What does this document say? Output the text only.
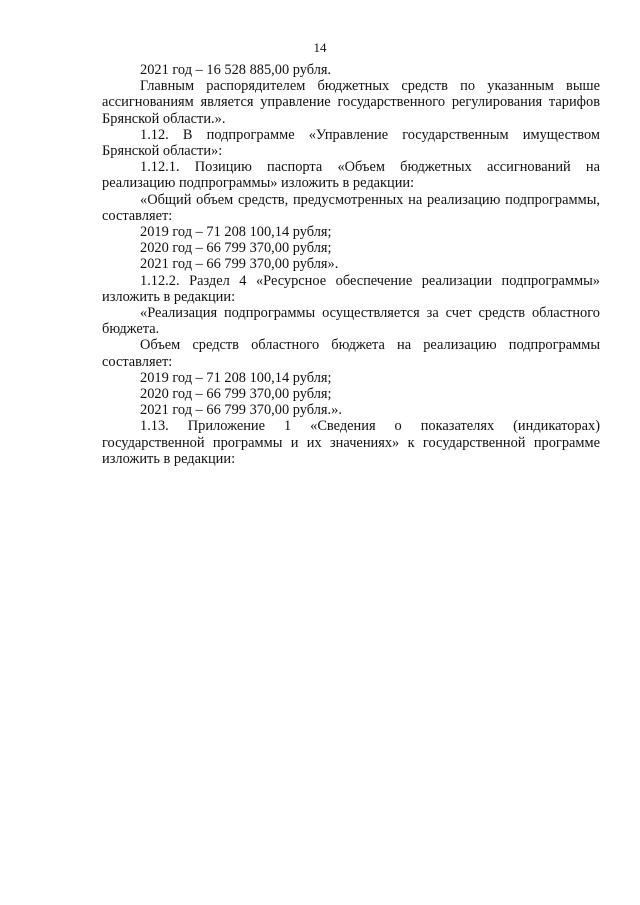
14

2021 год – 16 528 885,00 рубля.

Главным распорядителем бюджетных средств по указанным выше ассигнованиям является управление государственного регулирования тарифов Брянской области.».

1.12. В подпрограмме «Управление государственным имуществом Брянской области»:

1.12.1. Позицию паспорта «Объем бюджетных ассигнований на реализацию подпрограммы» изложить в редакции:

«Общий объем средств, предусмотренных на реализацию подпрограммы, составляет:

2019 год – 71 208 100,14 рубля;

2020 год – 66 799 370,00 рубля;

2021 год – 66 799 370,00 рубля».

1.12.2. Раздел 4 «Ресурсное обеспечение реализации подпрограммы» изложить в редакции:

«Реализация подпрограммы осуществляется за счет средств областного бюджета.

Объем средств областного бюджета на реализацию подпрограммы составляет:

2019 год – 71 208 100,14 рубля;

2020 год – 66 799 370,00 рубля;

2021 год – 66 799 370,00 рубля.».

1.13. Приложение 1 «Сведения о показателях (индикаторах) государственной программы и их значениях» к государственной программе изложить в редакции:
